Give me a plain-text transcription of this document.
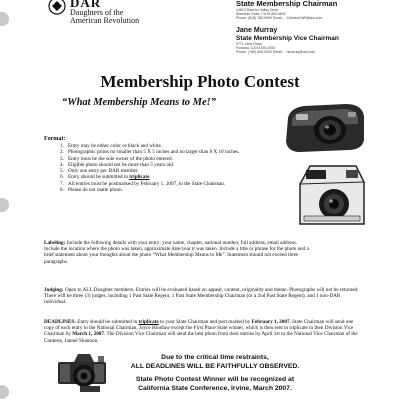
DAR
Daughters of the
American Revolution
State Membership Chairman
14813 Rancho Valley Drive
Sherman Oaks, CA 91403-4633
Phone: (818) 783-0690 Email: ...CAmemDAR@aol.com
Jane Murray
State Membership Vice Chairman
9771 Lime Road
Fontana, CA 92336-0000
Phone: (760) 609-0000 Email: ...nmurray@aol.com
Membership Photo Contest
“What Membership Means to Me!”
Format:
1. Entry may be either color or black and white.
2. Photographic prints no smaller than 5 X 5 inches and no larger than 8 X 10 inches.
3. Entry must be the sole owner of the photo entered.
4. Eligible photo should not be more than 5 years old.
5. Only one entry per DAR member.
6. Entry should be submitted in triplicate.
7. All entries must be postmarked by February 1, 2007, to the State Chairman.
8. Please do not matte photo.
Labeling: Include the following details with your entry; your name, chapter, national number, full address, email address. Include the location where the photo was taken, approximate date/year it was taken. Include a title or phrase for the photo and a brief statement about your thoughts about the photo “What Membership Means to Me”. Statement should not exceed three paragraphs.
Judging: Open to ALL Daughter members. Entries will be evaluated based on appeal, content, originality and theme. Photographs will not be returned. There will be three (3) judges, including 1 Past State Regent, 1 Past State Membership Chairman (or a 2nd Past State Regent), and 1 non-DAR individual.
DEADLINES: Entry should be submitted in triplicate to your State Chairman and post marked by February 1, 2007. State Chairman will send one copy of each entry to the National Chairman, Joyce Hindlaw except the First Place State winner, which is then sent in triplicate to then Division Vice Chairman by March 1, 2007. The Division Vice Chairman will send the best photo from their entries by April 1st to the National Vice Chairman of the Contests, Jannel Shannon.
Due to the critical time restraints,
ALL DEADLINES WILL BE FAITHFULLY OBSERVED.
State Photo Contest Winner will be recognized at
California State Conference, Irvine, March 2007.
